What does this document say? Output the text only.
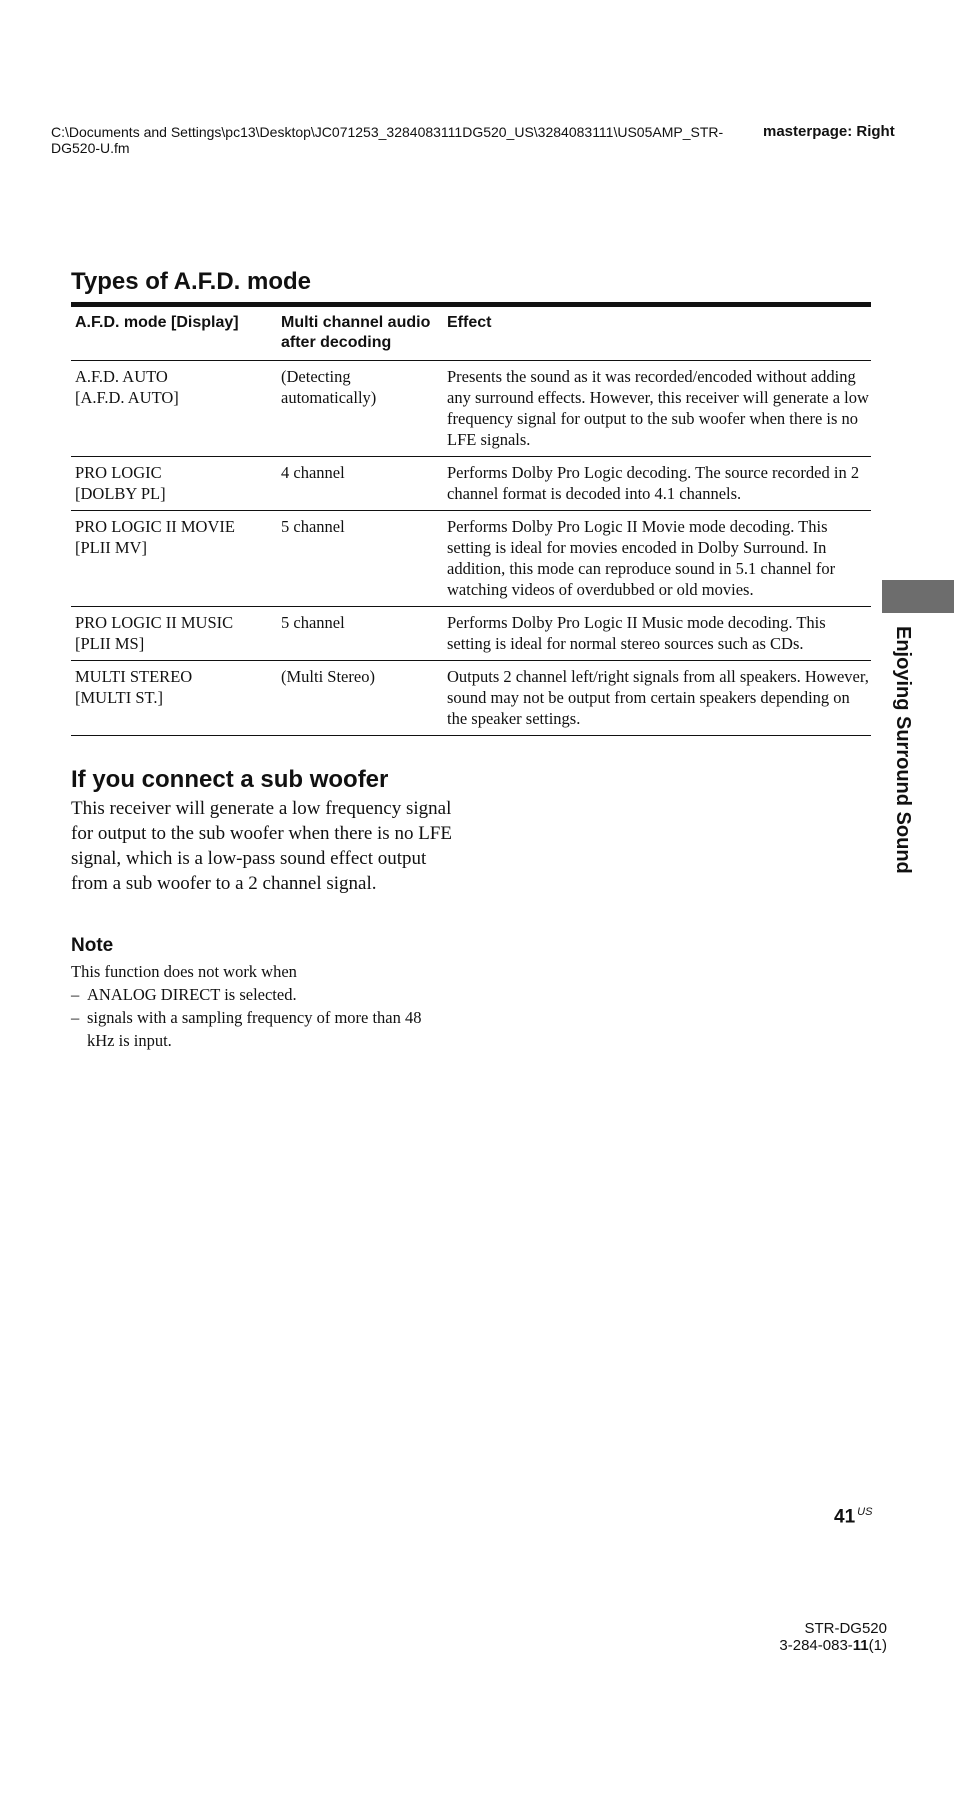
C:\Documents and Settings\pc13\Desktop\JC071253_3284083111DG520_US\3284083111\US05AMP_STR-DG520-U.fm
masterpage: Right
Types of A.F.D. mode
A.F.D. mode [Display]	Multi channel audio after decoding	Effect

A.F.D. AUTO
[A.F.D. AUTO]	(Detecting automatically)	Presents the sound as it was recorded/encoded without adding any surround effects. However, this receiver will generate a low frequency signal for output to the sub woofer when there is no LFE signals.

PRO LOGIC
[DOLBY PL]	4 channel	Performs Dolby Pro Logic decoding. The source recorded in 2 channel format is decoded into 4.1 channels.

PRO LOGIC II MOVIE
[PLII MV]	5 channel	Performs Dolby Pro Logic II Movie mode decoding. This setting is ideal for movies encoded in Dolby Surround. In addition, this mode can reproduce sound in 5.1 channel for watching videos of overdubbed or old movies.

PRO LOGIC II MUSIC
[PLII MS]	5 channel	Performs Dolby Pro Logic II Music mode decoding. This setting is ideal for normal stereo sources such as CDs.

MULTI STEREO
[MULTI ST.]	(Multi Stereo)	Outputs 2 channel left/right signals from all speakers. However, sound may not be output from certain speakers depending on the speaker settings.
If you connect a sub woofer

This receiver will generate a low frequency signal for output to the sub woofer when there is no LFE signal, which is a low-pass sound effect output from a sub woofer to a 2 channel signal.

Note

This function does not work when

– ANALOG DIRECT is selected.
– signals with a sampling frequency of more than 48 kHz is input.
Enjoying Surround Sound
41 $^{US}$
STR-DG520
3-284-083-11(1)
